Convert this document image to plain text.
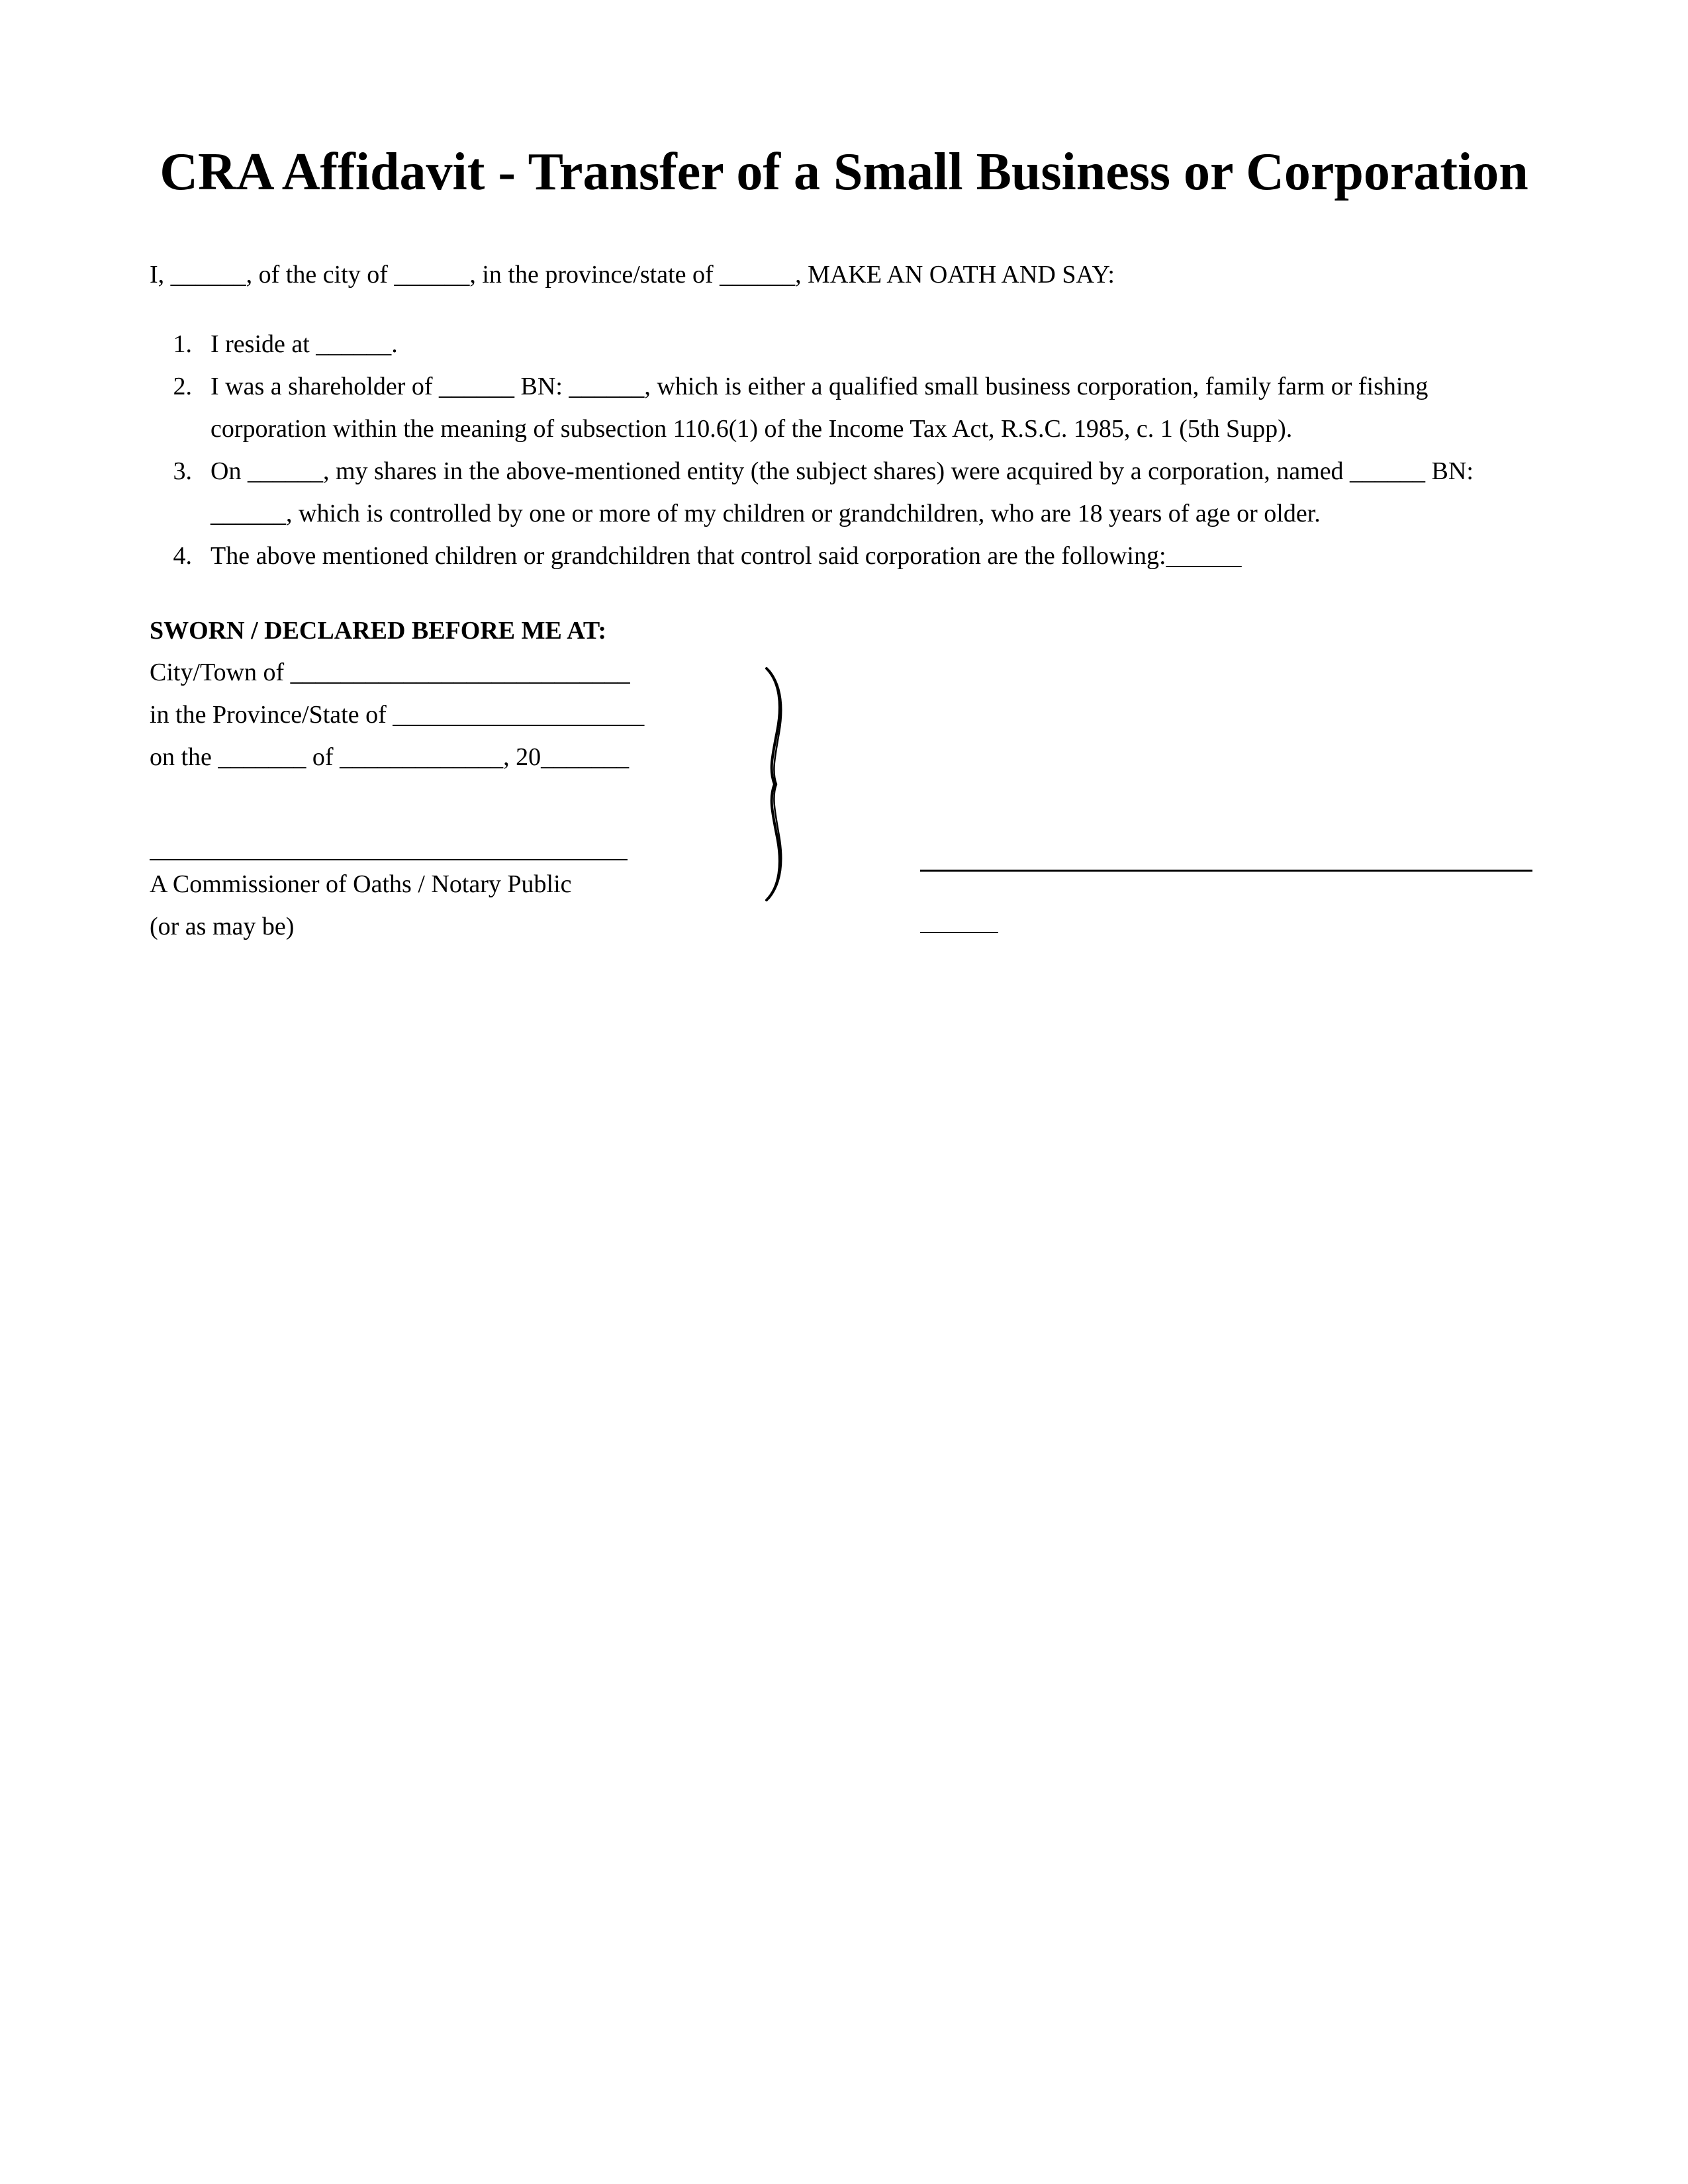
CRA Affidavit - Transfer of a Small Business or Corporation
I, ______, of the city of ______, in the province/state of ______, MAKE AN OATH AND SAY:
1. I reside at ______.
2. I was a shareholder of ______ BN: ______, which is either a qualified small business corporation, family farm or fishing
corporation within the meaning of subsection 110.6(1) of the Income Tax Act, R.S.C. 1985, c. 1 (5th Supp).
3. On ______, my shares in the above-mentioned entity (the subject shares) were acquired by a corporation, named ______ BN:
______, which is controlled by one or more of my children or grandchildren, who are 18 years of age or older.
4. The above mentioned children or grandchildren that control said corporation are the following:______
SWORN / DECLARED BEFORE ME AT:
City/Town of ___________________________
in the Province/State of ____________________
on the _______ of _____________, 20_______
A Commissioner of Oaths / Notary Public
(or as may be)
